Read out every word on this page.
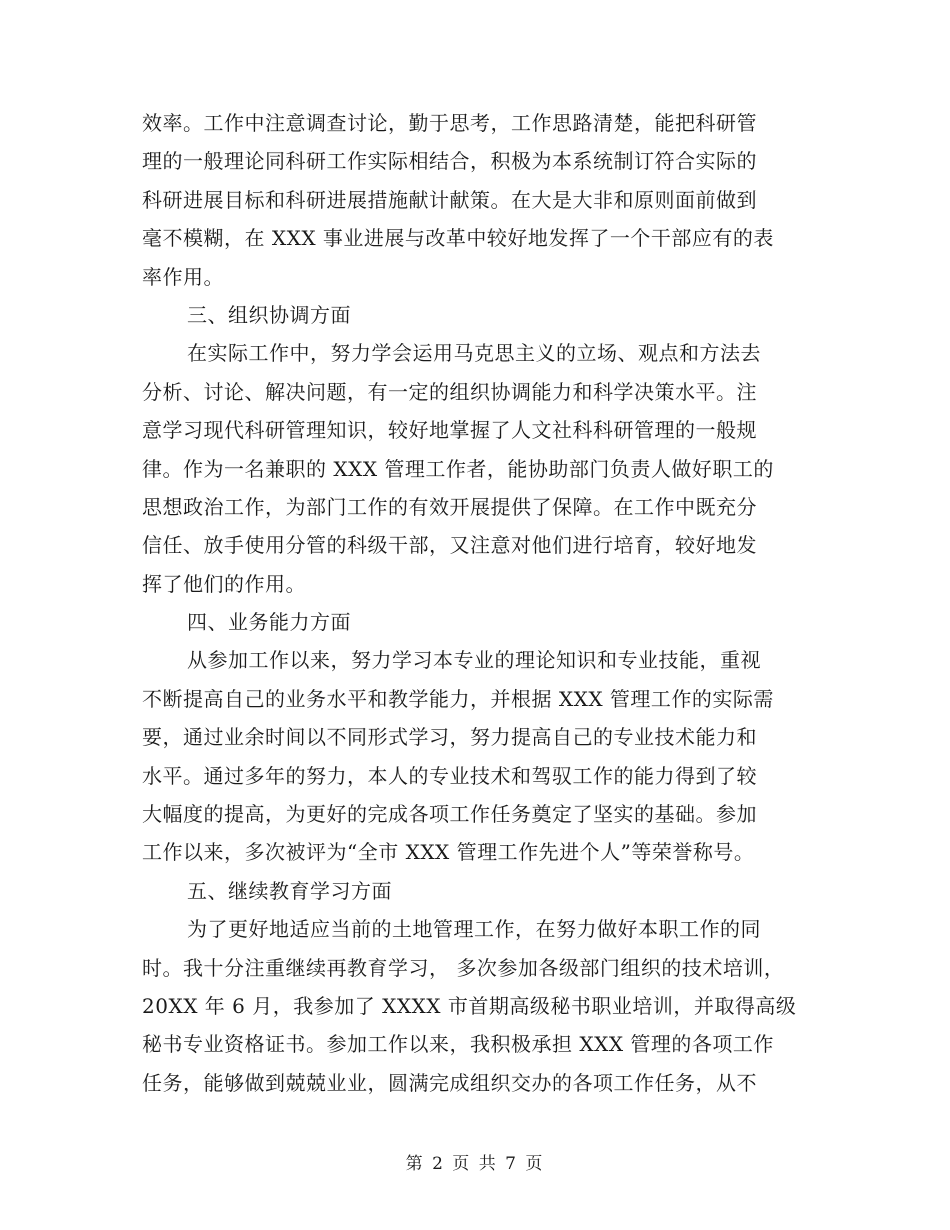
效率。工作中注意调查讨论，勤于思考，工作思路清楚，能把科研管
理的一般理论同科研工作实际相结合，积极为本系统制订符合实际的
科研进展目标和科研进展措施献计献策。在大是大非和原则面前做到
毫不模糊，在 XXX 事业进展与改革中较好地发挥了一个干部应有的表
率作用。
三、组织协调方面
在实际工作中，努力学会运用马克思主义的立场、观点和方法去
分析、讨论、解决问题，有一定的组织协调能力和科学决策水平。注
意学习现代科研管理知识，较好地掌握了人文社科科研管理的一般规
律。作为一名兼职的 XXX 管理工作者，能协助部门负责人做好职工的
思想政治工作，为部门工作的有效开展提供了保障。在工作中既充分
信任、放手使用分管的科级干部，又注意对他们进行培育，较好地发
挥了他们的作用。
四、业务能力方面
从参加工作以来，努力学习本专业的理论知识和专业技能，重视
不断提高自己的业务水平和教学能力，并根据 XXX 管理工作的实际需
要，通过业余时间以不同形式学习，努力提高自己的专业技术能力和
水平。通过多年的努力，本人的专业技术和驾驭工作的能力得到了较
大幅度的提高，为更好的完成各项工作任务奠定了坚实的基础。参加
工作以来，多次被评为“全市 XXX 管理工作先进个人”等荣誉称号。
五、继续教育学习方面
为了更好地适应当前的土地管理工作，在努力做好本职工作的同
时。我十分注重继续再教育学习， 多次参加各级部门组织的技术培训，
20XX 年 6 月，我参加了 XXXX 市首期高级秘书职业培训，并取得高级
秘书专业资格证书。参加工作以来，我积极承担 XXX 管理的各项工作
任务，能够做到兢兢业业，圆满完成组织交办的各项工作任务，从不
第 2 页 共 7 页
